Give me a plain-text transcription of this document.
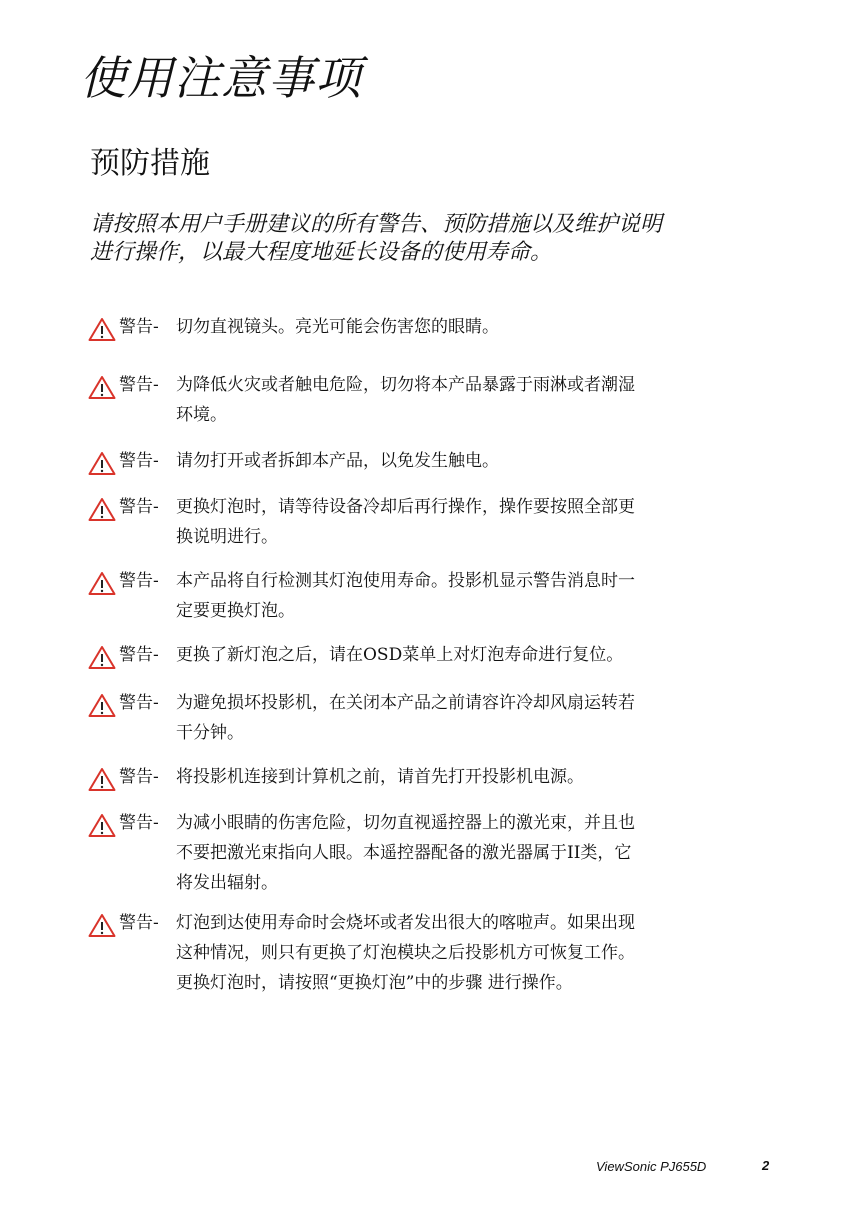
使用注意事项
预防措施

请按照本用户手册建议的所有警告、预防措施以及维护说明
进行操作，以最大程度地延长设备的使用寿命。

警告- 切勿直视镜头。亮光可能会伤害您的眼睛。
警告- 为降低火灾或者触电危险，切勿将本产品暴露于雨淋或者潮湿
环境。
警告- 请勿打开或者拆卸本产品，以免发生触电。
警告- 更换灯泡时，请等待设备冷却后再行操作，操作要按照全部更
换说明进行。
警告- 本产品将自行检测其灯泡使用寿命。投影机显示警告消息时一
定要更换灯泡。
警告- 更换了新灯泡之后，请在OSD菜单上对灯泡寿命进行复位。
警告- 为避免损坏投影机，在关闭本产品之前请容许冷却风扇运转若
干分钟。
警告- 将投影机连接到计算机之前，请首先打开投影机电源。
警告- 为减小眼睛的伤害危险，切勿直视遥控器上的激光束，并且也
不要把激光束指向人眼。本遥控器配备的激光器属于II类，它
将发出辐射。
警告- 灯泡到达使用寿命时会烧坏或者发出很大的喀啦声。如果出现
这种情况，则只有更换了灯泡模块之后投影机方可恢复工作。
更换灯泡时，请按照“更换灯泡”中的步骤 进行操作。
ViewSonic PJ655D	2
